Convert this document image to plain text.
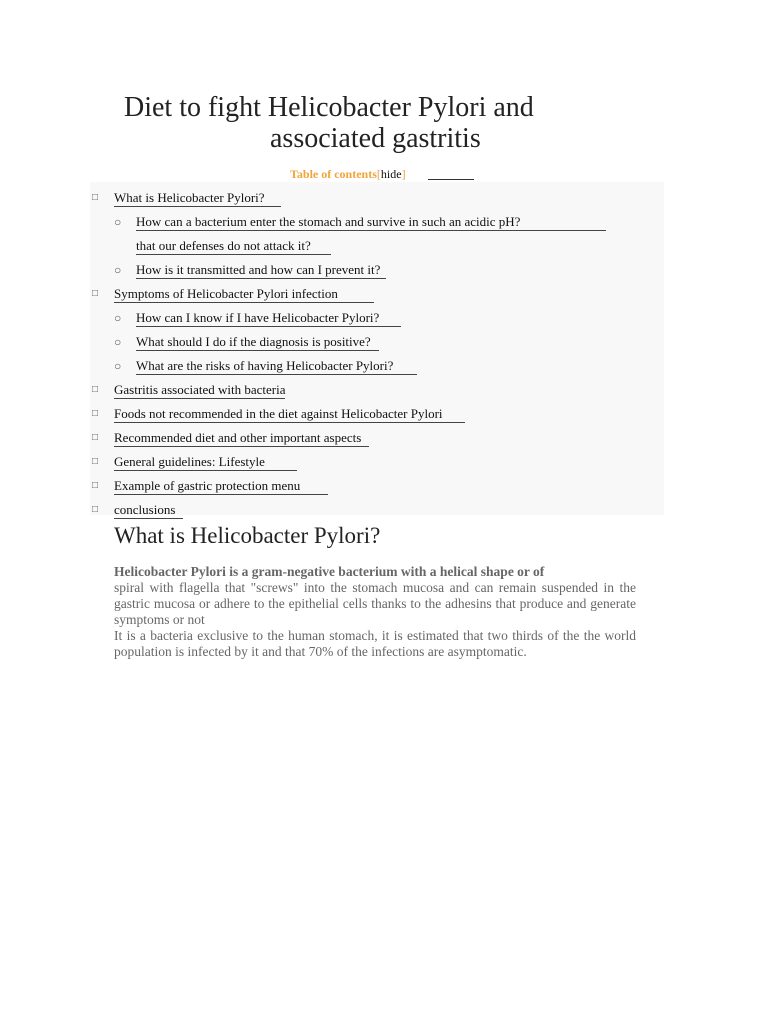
Diet to fight Helicobacter Pylori and
associated gastritis
Table of contents[hide]
□ What is Helicobacter Pylori?
○ How can a bacterium enter the stomach and survive in such an acidic pH?
that our defenses do not attack it?
○ How is it transmitted and how can I prevent it?
□ Symptoms of Helicobacter Pylori infection
○ How can I know if I have Helicobacter Pylori?
○ What should I do if the diagnosis is positive?
○ What are the risks of having Helicobacter Pylori?
□ Gastritis associated with bacteria
□ Foods not recommended in the diet against Helicobacter Pylori
□ Recommended diet and other important aspects
□ General guidelines: Lifestyle
□ Example of gastric protection menu
□ conclusions
What is Helicobacter Pylori?
Helicobacter Pylori is a gram-negative bacterium with a helical shape or of
spiral with flagella that "screws" into the stomach mucosa and can remain suspended in the gastric mucosa or adhere to the epithelial cells thanks to the adhesins that produce and generate symptoms or not
It is a bacteria exclusive to the human stomach, it is estimated that two thirds of the the world population is infected by it and that 70% of the infections are asymptomatic.
